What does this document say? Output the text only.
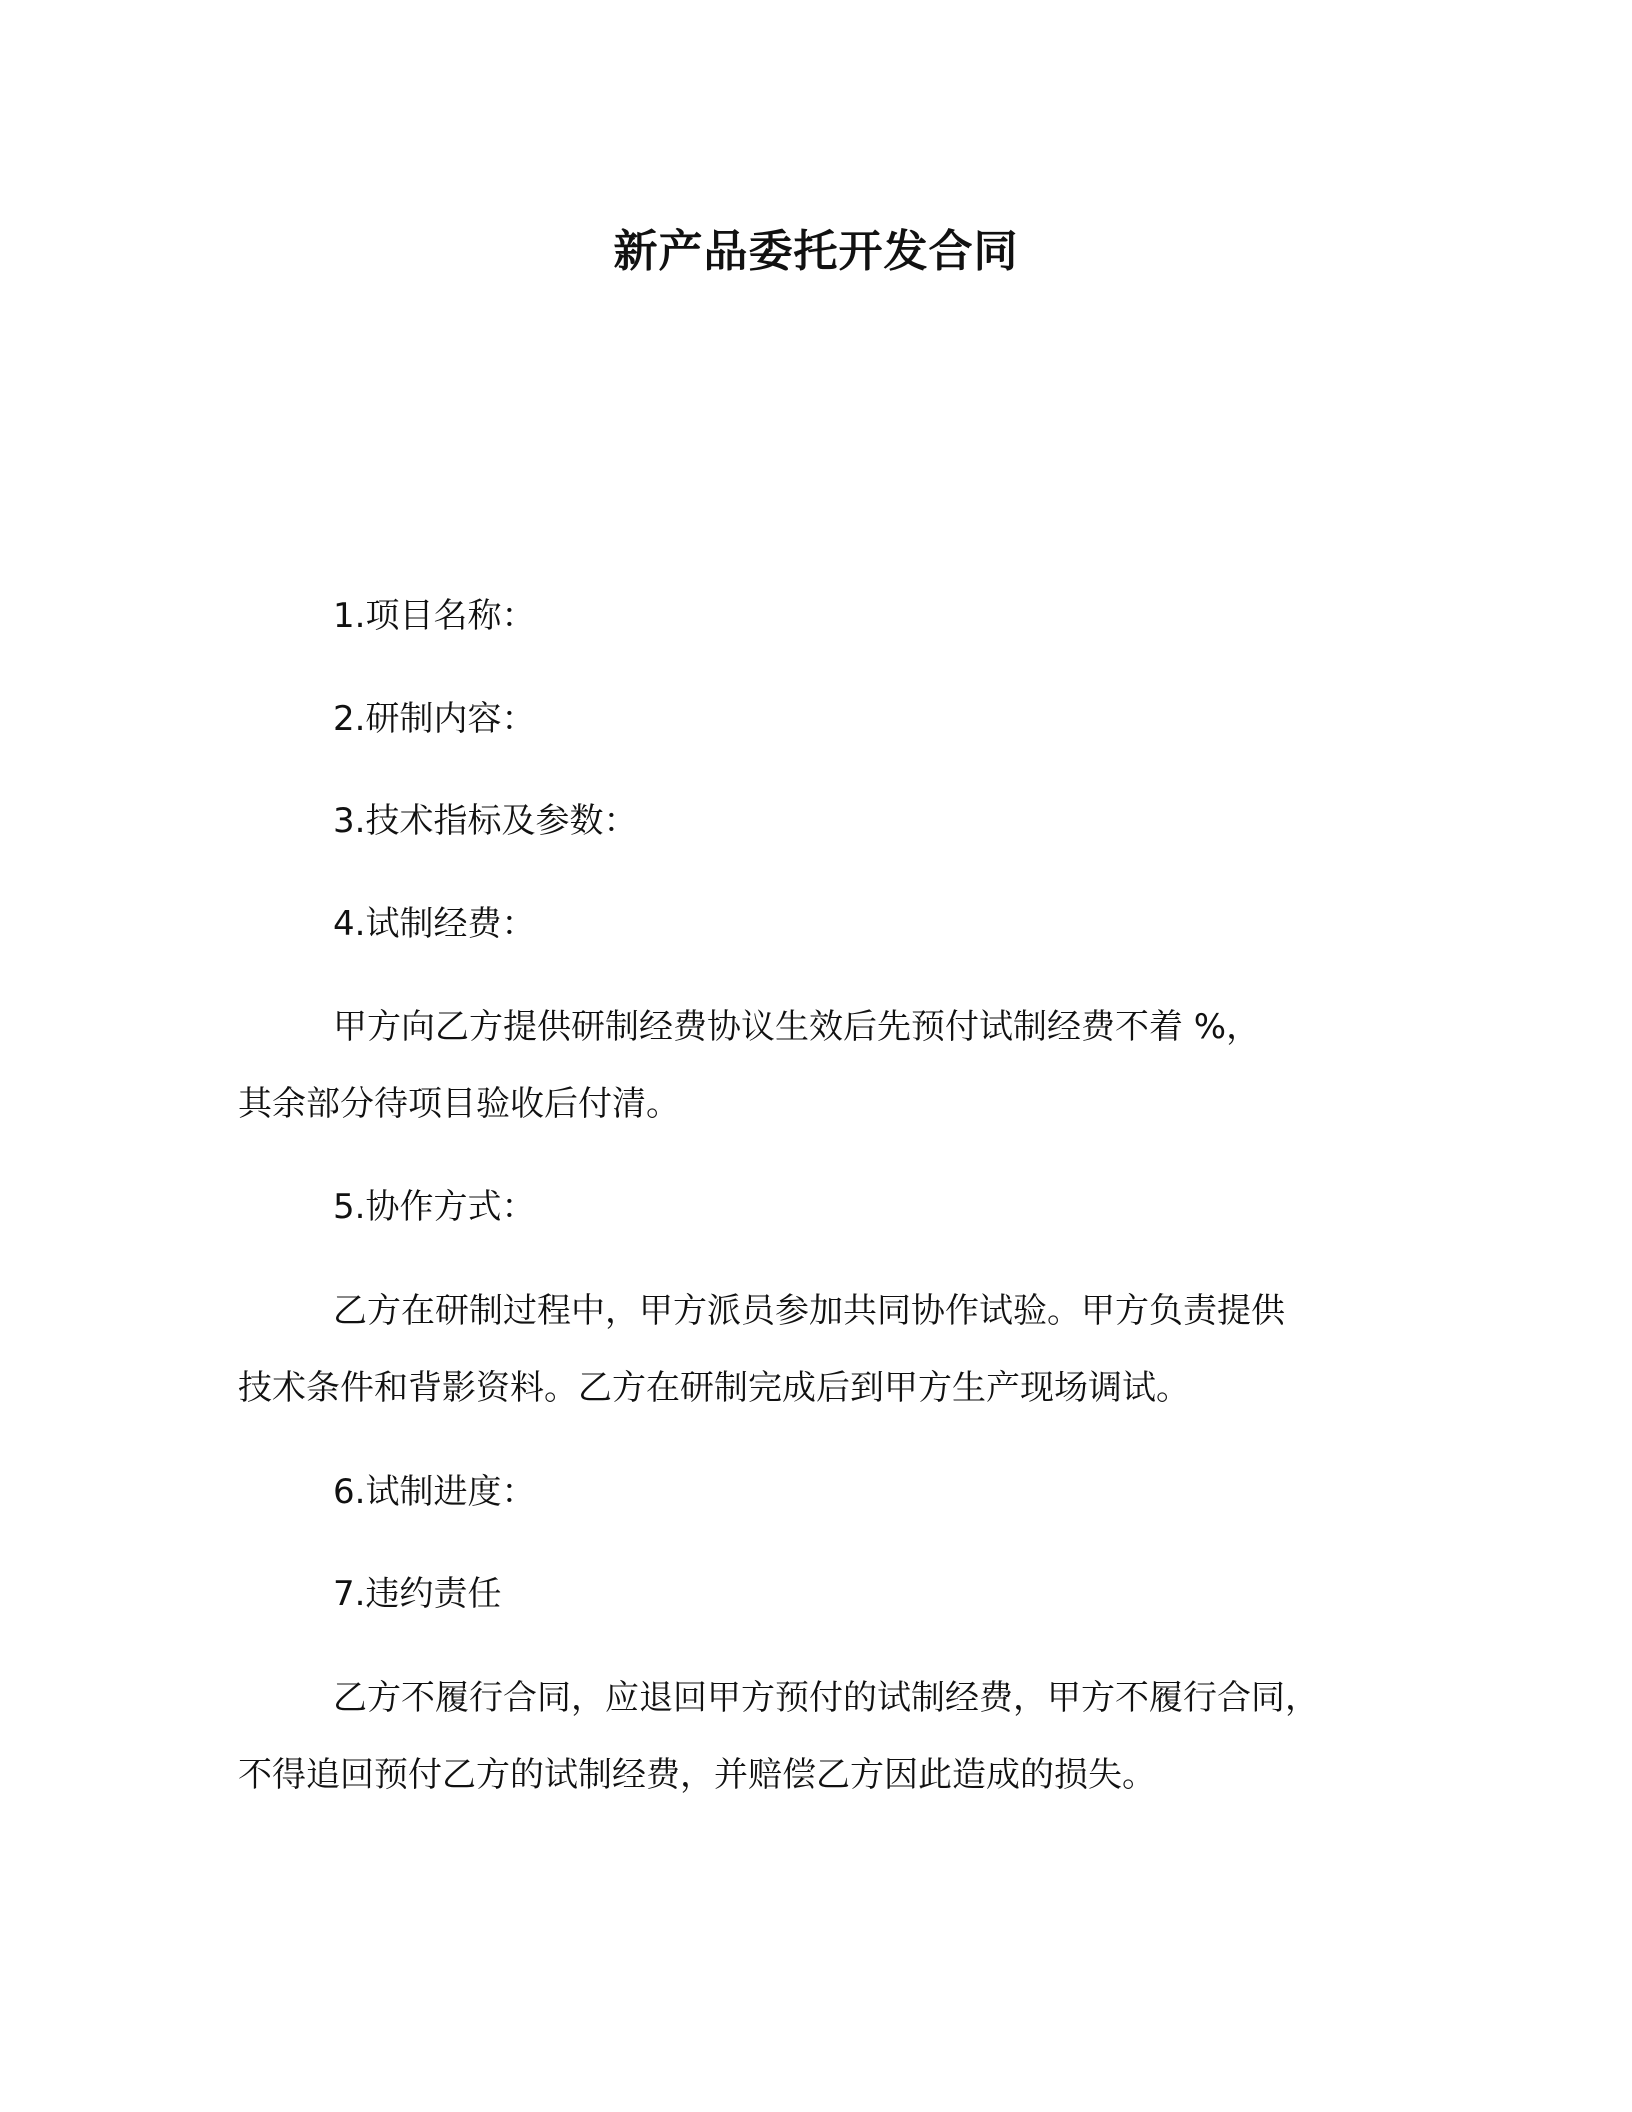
新产品委托开发合同
1.项目名称：
2.研制内容：
3.技术指标及参数：
4.试制经费：
甲方向乙方提供研制经费协议生效后先预付试制经费不着 %，
其余部分待项目验收后付清。
5.协作方式：
乙方在研制过程中，甲方派员参加共同协作试验。甲方负责提供
技术条件和背影资料。乙方在研制完成后到甲方生产现场调试。
6.试制进度：
7.违约责任
乙方不履行合同，应退回甲方预付的试制经费，甲方不履行合同，
不得追回预付乙方的试制经费，并赔偿乙方因此造成的损失。
